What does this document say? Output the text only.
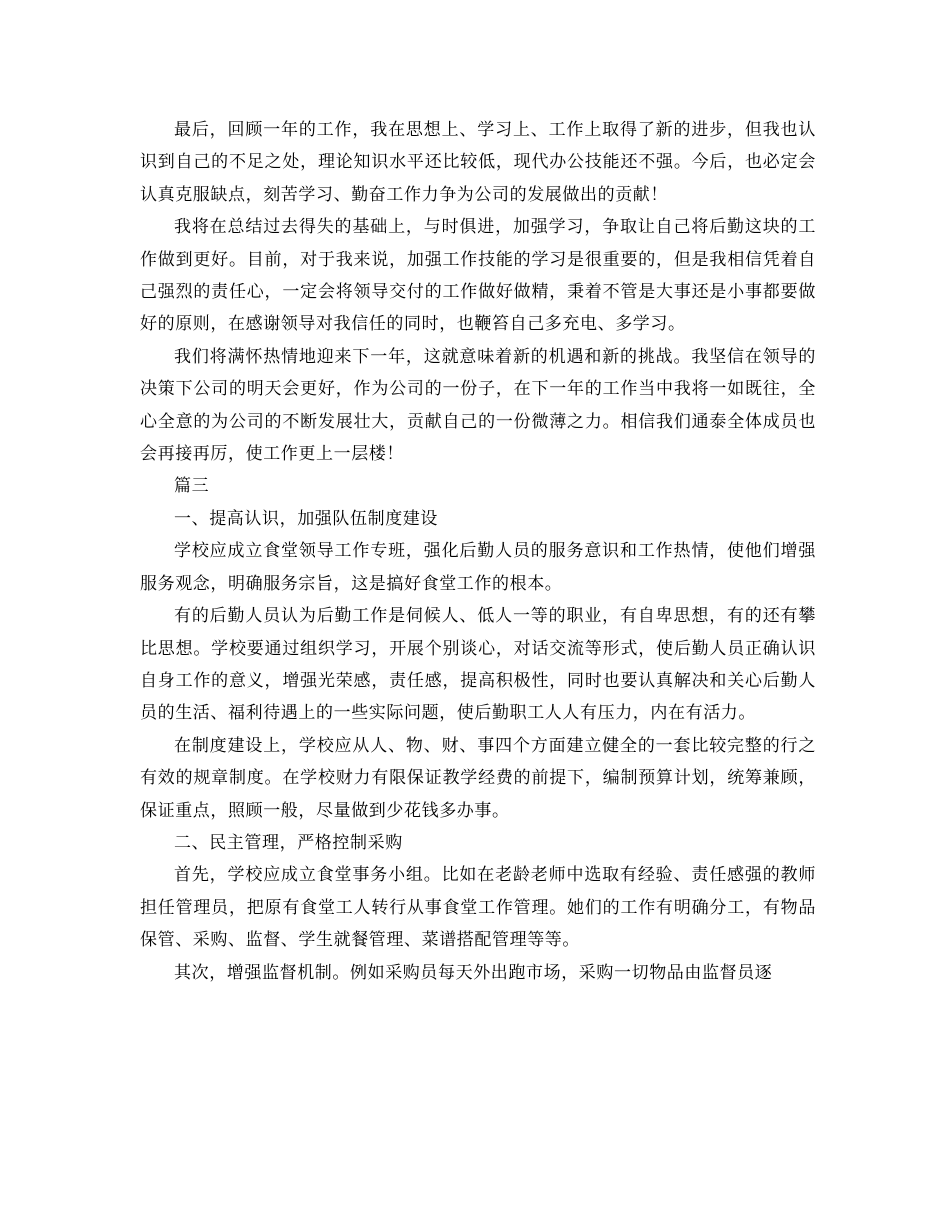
最后，回顾一年的工作，我在思想上、学习上、工作上取得了新的进步，但我也认识到自己的不足之处，理论知识水平还比较低，现代办公技能还不强。今后，也必定会认真克服缺点，刻苦学习、勤奋工作力争为公司的发展做出的贡献！

我将在总结过去得失的基础上，与时俱进，加强学习，争取让自己将后勤这块的工作做到更好。目前，对于我来说，加强工作技能的学习是很重要的，但是我相信凭着自己强烈的责任心，一定会将领导交付的工作做好做精，秉着不管是大事还是小事都要做好的原则，在感谢领导对我信任的同时，也鞭笞自己多充电、多学习。

我们将满怀热情地迎来下一年，这就意味着新的机遇和新的挑战。我坚信在领导的决策下公司的明天会更好，作为公司的一份子，在下一年的工作当中我将一如既往，全心全意的为公司的不断发展壮大，贡献自己的一份微薄之力。相信我们通泰全体成员也会再接再厉，使工作更上一层楼！

篇三

一、提高认识，加强队伍制度建设

学校应成立食堂领导工作专班，强化后勤人员的服务意识和工作热情，使他们增强服务观念，明确服务宗旨，这是搞好食堂工作的根本。

有的后勤人员认为后勤工作是伺候人、低人一等的职业，有自卑思想，有的还有攀比思想。学校要通过组织学习，开展个别谈心，对话交流等形式，使后勤人员正确认识自身工作的意义，增强光荣感，责任感，提高积极性，同时也要认真解决和关心后勤人员的生活、福利待遇上的一些实际问题，使后勤职工人人有压力，内在有活力。

在制度建设上，学校应从人、物、财、事四个方面建立健全的一套比较完整的行之有效的规章制度。在学校财力有限保证教学经费的前提下，编制预算计划，统筹兼顾，保证重点，照顾一般，尽量做到少花钱多办事。

二、民主管理，严格控制采购

首先，学校应成立食堂事务小组。比如在老龄老师中选取有经验、责任感强的教师担任管理员，把原有食堂工人转行从事食堂工作管理。她们的工作有明确分工，有物品保管、采购、监督、学生就餐管理、菜谱搭配管理等等。

其次，增强监督机制。例如采购员每天外出跑市场，采购一切物品由监督员逐
